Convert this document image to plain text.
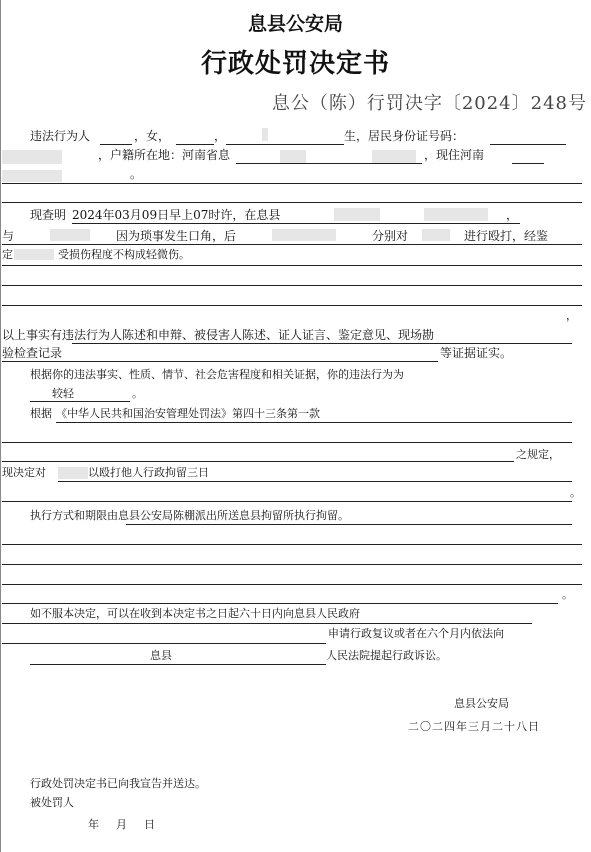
息县公安局
行政处罚决定书
息公（陈）行罚决字〔2024〕248号
违法行为人	，女，	，	生，居民身份证号码：
，户籍所在地：河南省息	，现住河南
。
现查明 2024年03月09日早上07时许，在息县	，
与	因为琐事发生口角，后	分别对	进行殴打，经鉴
定	受损伤程度不构成轻微伤。
，
以上事实有违法行为人陈述和申辩、被侵害人陈述、证人证言、鉴定意见、现场勘
验检查记录	等证据证实。
根据你的违法事实、性质、情节、社会危害程度和相关证据，你的违法行为为
较轻	。
根据 《中华人民共和国治安管理处罚法》第四十三条第一款
之规定，
现决定对	以殴打他人行政拘留三日
。
执行方式和期限由息县公安局陈棚派出所送息县拘留所执行拘留。
。
如不服本决定，可以在收到本决定书之日起六十日内向息县人民政府
申请行政复议或者在六个月内依法向
息县	人民法院提起行政诉讼。
息县公安局
二〇二四年三月二十八日
行政处罚决定书已向我宣告并送达。
被处罚人
年 月 日
